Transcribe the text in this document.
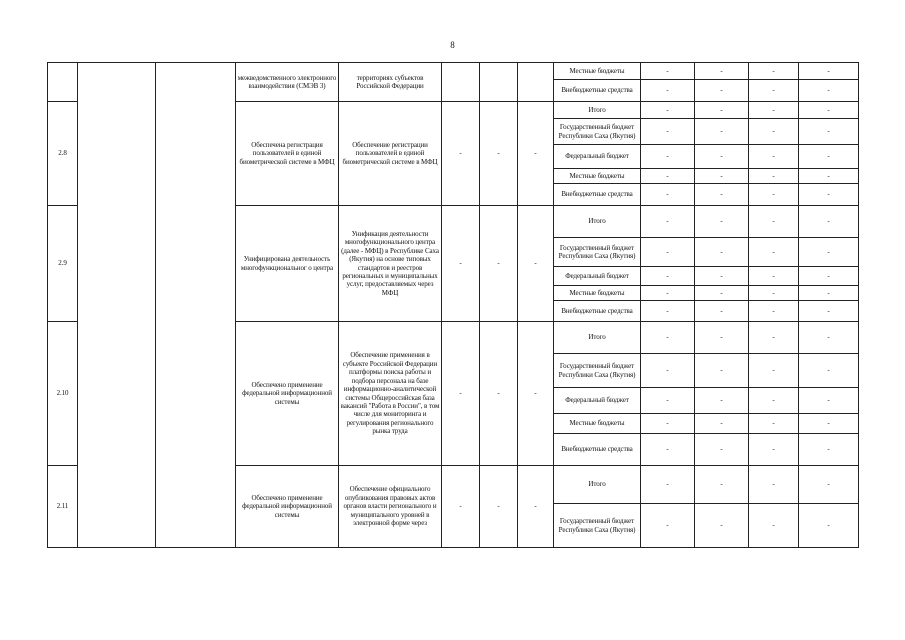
8
			межведомственного электронного взаимодействия (СМЭВ 3)	территориях субъектов Российской Федерации				Местные бюджеты	-	-	-	-
								Внебюджетные средства	-	-	-	-
2.8			Обеспечена регистрация пользователей в единой биометрической системе в МФЦ	Обеспечение регистрации пользователей в единой биометрической системе в МФЦ	-	-	-	Итого	-	-	-	-
								Государственный бюджет Республики Саха (Якутия)	-	-	-	-
								Федеральный бюджет	-	-	-	-
								Местные бюджеты	-	-	-	-
								Внебюджетные средства	-	-	-	-
2.9			Унифицирована деятельность многофункциональног о центра	Унификация деятельности многофункционального центра (далее - МФЦ) в Республике Саха (Якутия) на основе типовых стандартов и реестров региональных и муниципальных услуг, предоставляемых через МФЦ	-	-	-	Итого	-	-	-	-
								Государственный бюджет Республики Саха (Якутия)	-	-	-	-
								Федеральный бюджет	-	-	-	-
								Местные бюджеты	-	-	-	-
								Внебюджетные средства	-	-	-	-
2.10			Обеспечено применение федеральной информационной системы	Обеспечение применения в субъекте Российской Федерации платформы поиска работы и подбора персонала на базе информационно-аналитической системы Общероссийская база вакансий "Работа в России", в том числе для мониторинга и регулирования регионального рынка труда	-	-	-	Итого	-	-	-	-
								Государственный бюджет Республики Саха (Якутия)	-	-	-	-
								Федеральный бюджет	-	-	-	-
								Местные бюджеты	-	-	-	-
								Внебюджетные средства	-	-	-	-
2.11			Обеспечено применение федеральной информационной системы	Обеспечение официального опубликования правовых актов органов власти регионального и муниципального уровней в электронной форме через	-	-	-	Итого	-	-	-	-
								Государственный бюджет Республики Саха (Якутия)	-	-	-	-
